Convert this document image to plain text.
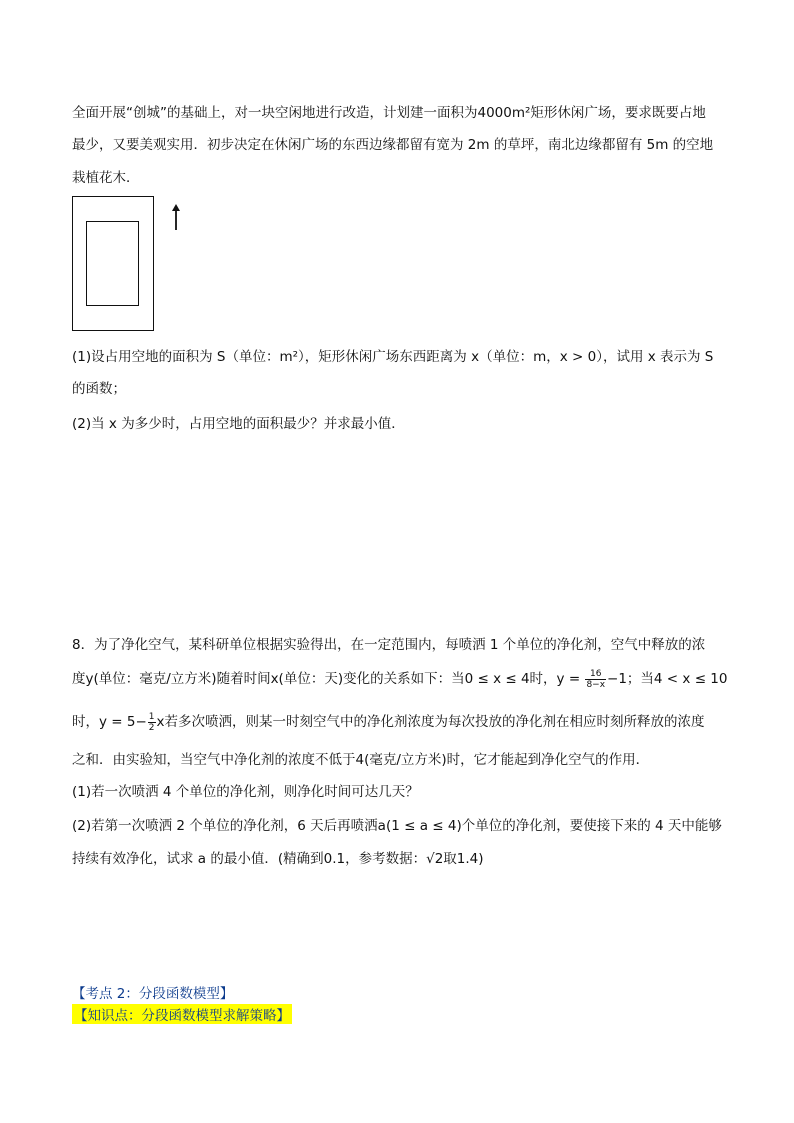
全面开展“创城”的基础上，对一块空闲地进行改造，计划建一面积为4000m²矩形休闲广场，要求既要占地
最少，又要美观实用．初步决定在休闲广场的东西边缘都留有宽为 2m 的草坪，南北边缘都留有 5m 的空地
栽植花木．
(1)设占用空地的面积为 S（单位：m²），矩形休闲广场东西距离为 x（单位：m，x > 0），试用 x 表示为 S
的函数；
(2)当 x 为多少时，占用空地的面积最少？并求最小值．
8．为了净化空气，某科研单位根据实验得出，在一定范围内，每喷洒 1 个单位的净化剂，空气中释放的浓
度y(单位：毫克/立方米)随着时间x(单位：天)变化的关系如下：当0 ≤ x ≤ 4时，$y = \frac{16}{8-x} -1$；当4 < x ≤ 10
时，$y = 5- \frac{1}{2}$ x若多次喷洒，则某一时刻空气中的净化剂浓度为每次投放的净化剂在相应时刻所释放的浓度
之和．由实验知，当空气中净化剂的浓度不低于4(毫克/立方米)时，它才能起到净化空气的作用．
(1)若一次喷洒 4 个单位的净化剂，则净化时间可达几天？
(2)若第一次喷洒 2 个单位的净化剂，6 天后再喷洒a(1 ≤ a ≤ 4)个单位的净化剂，要使接下来的 4 天中能够
持续有效净化，试求 a 的最小值．(精确到0.1，参考数据：√2取1.4)
【考点 2：分段函数模型】
【知识点：分段函数模型求解策略】
